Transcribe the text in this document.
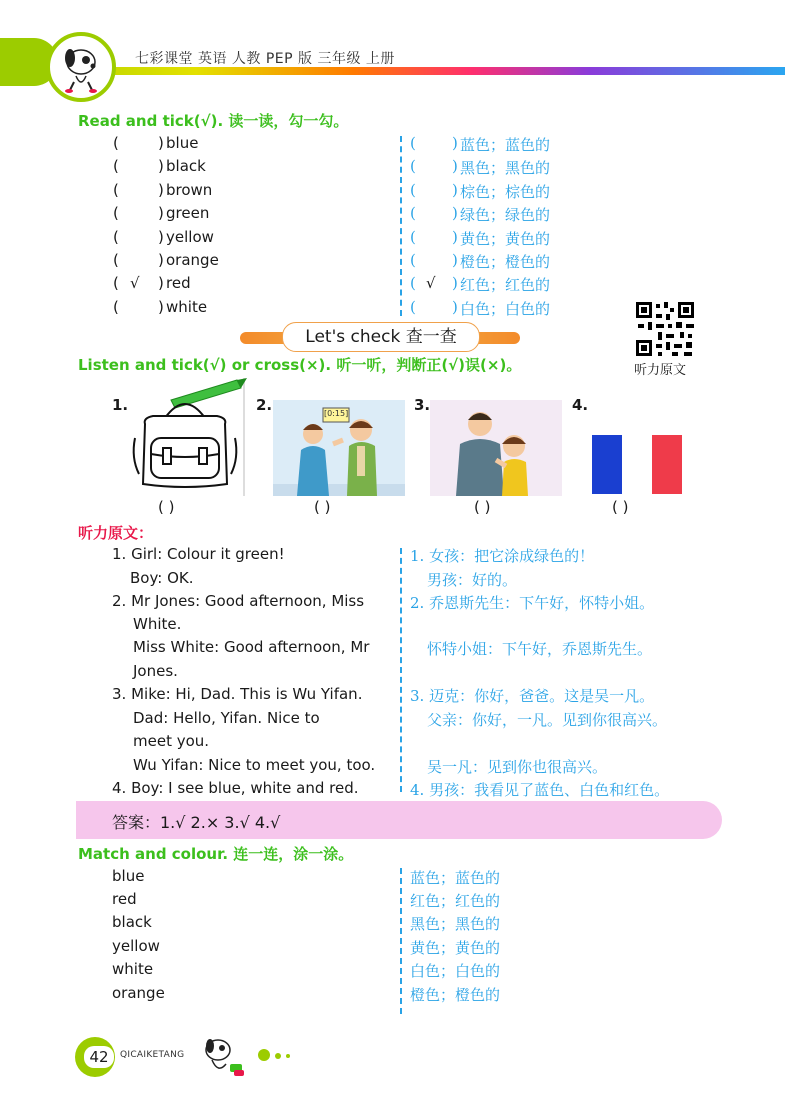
七彩课堂 英语 人教 PEP 版 三年级 上册
Read and tick(√). 读一读，勾一勾。
(	) blue
(	) black
(	) brown
(	) green
(	) yellow
(	) orange
( √ ) red
(	) white
( ) 蓝色；蓝色的
( ) 黑色；黑色的
( ) 棕色；棕色的
( ) 绿色；绿色的
( ) 黄色；黄色的
( ) 橙色；橙色的
( √ ) 红色；红色的
( ) 白色；白色的
听力原文
Let's check 查一查
Listen and tick(√) or cross(×). 听一听，判断正(√)误(×)。
1.	2.	3.	4.
[0:15]
( )	( )	( )	( )
听力原文：
1. Girl: Colour it green!
Boy: OK.
2. Mr Jones: Good afternoon, Miss
White.
Miss White: Good afternoon, Mr
Jones.
3. Mike: Hi, Dad. This is Wu Yifan.
Dad: Hello, Yifan. Nice to
meet you.
Wu Yifan: Nice to meet you, too.
4. Boy: I see blue, white and red.
1. 女孩：把它涂成绿色的！
男孩：好的。
2. 乔恩斯先生：下午好，怀特小姐。
怀特小姐：下午好，乔恩斯先生。
3. 迈克：你好，爸爸。这是吴一凡。
父亲：你好，一凡。见到你很高兴。
吴一凡：见到你也很高兴。
4. 男孩：我看见了蓝色、白色和红色。
答案：1.√ 2.× 3.√ 4.√
Match and colour. 连一连，涂一涂。
blue
red
black
yellow
white
orange
蓝色；蓝色的
红色；红色的
黑色；黑色的
黄色；黄色的
白色；白色的
橙色；橙色的
42	QICAIKETANG
